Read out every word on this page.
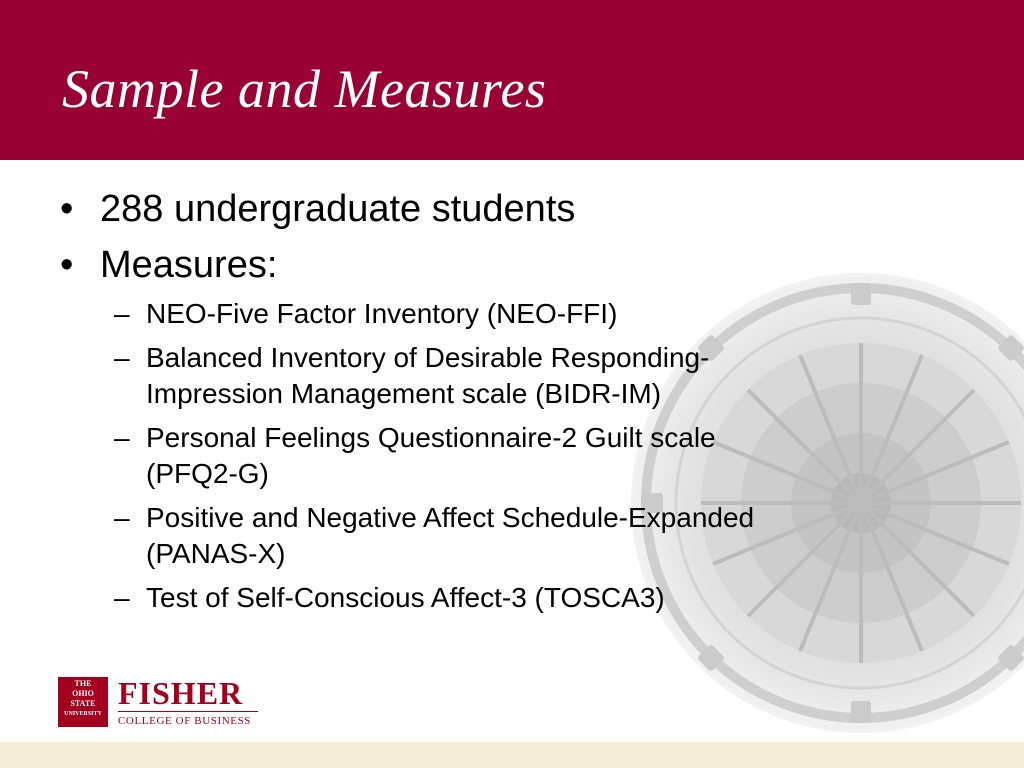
Sample and Measures
• 288 undergraduate students
• Measures:
– NEO-Five Factor Inventory (NEO-FFI)
– Balanced Inventory of Desirable Responding-
Impression Management scale (BIDR-IM)
– Personal Feelings Questionnaire-2 Guilt scale
(PFQ2-G)
– Positive and Negative Affect Schedule-Expanded
(PANAS-X)
– Test of Self-Conscious Affect-3 (TOSCA3)
THE
OHIO
STATE
UNIVERSITY
FISHER
COLLEGE OF BUSINESS
